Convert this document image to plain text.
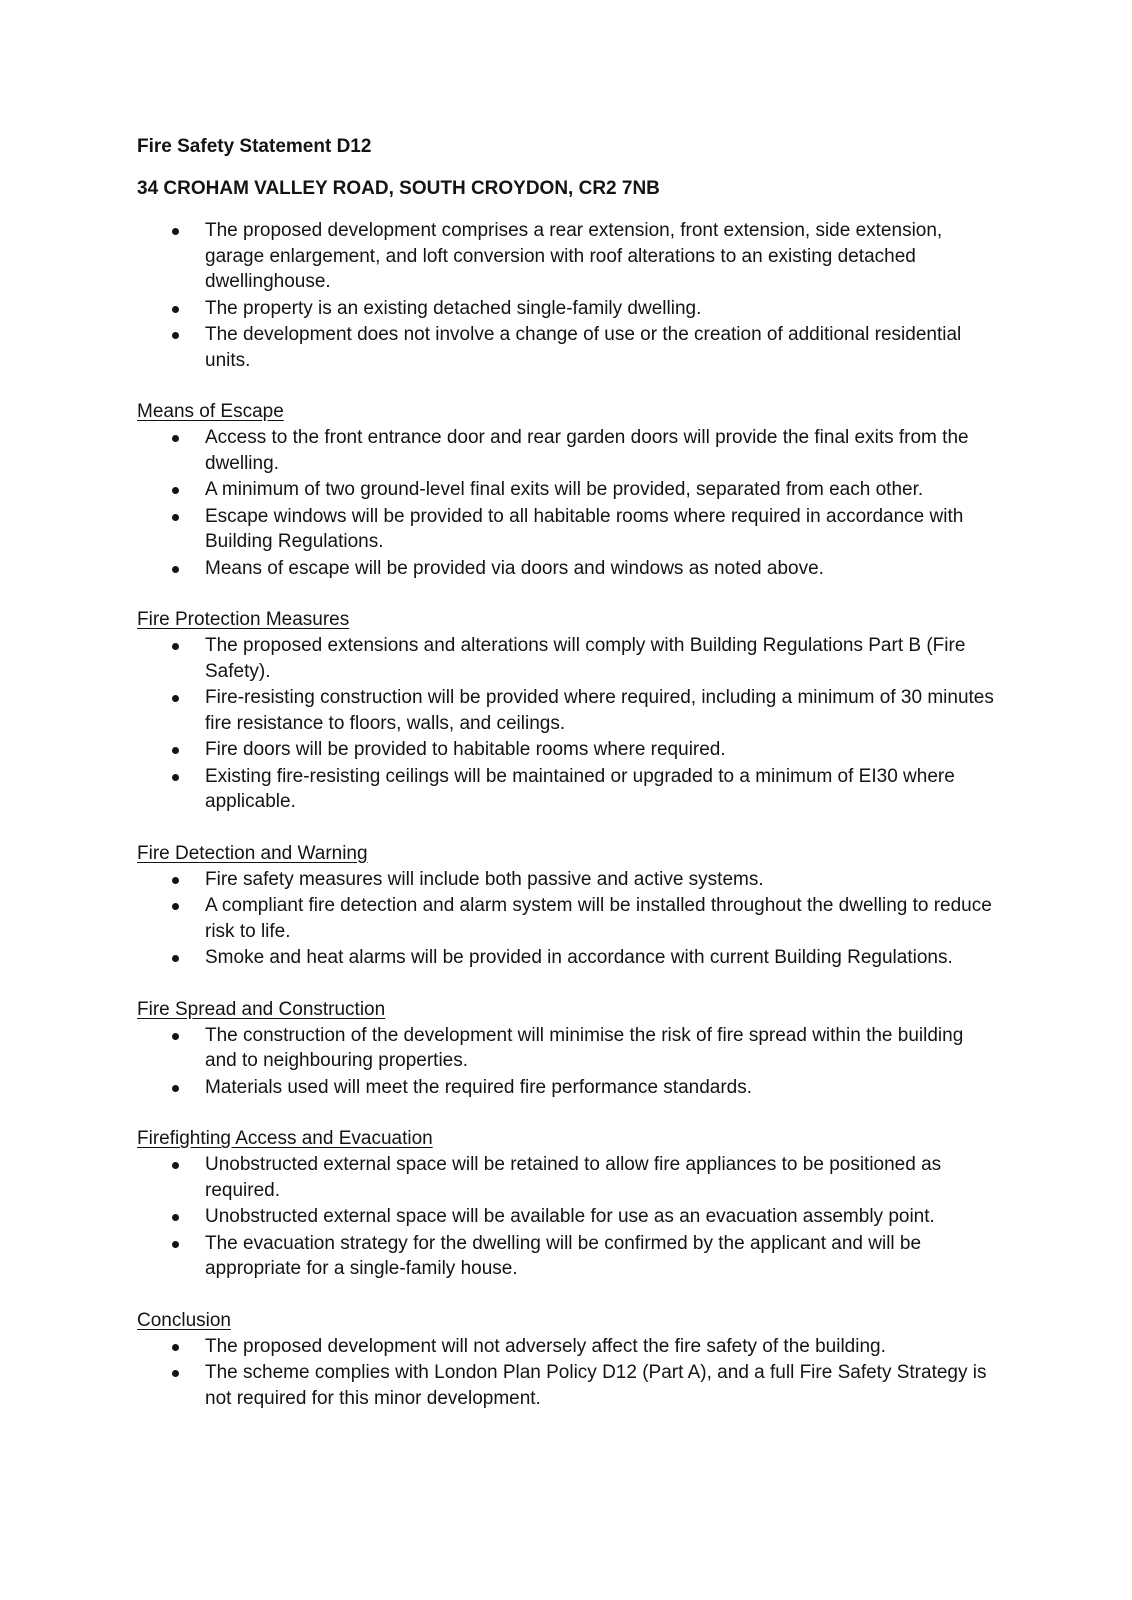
Fire Safety Statement D12
34 CROHAM VALLEY ROAD, SOUTH CROYDON, CR2 7NB
The proposed development comprises a rear extension, front extension, side extension, garage enlargement, and loft conversion with roof alterations to an existing detached dwellinghouse.
The property is an existing detached single-family dwelling.
The development does not involve a change of use or the creation of additional residential units.
Means of Escape
Access to the front entrance door and rear garden doors will provide the final exits from the dwelling.
A minimum of two ground-level final exits will be provided, separated from each other.
Escape windows will be provided to all habitable rooms where required in accordance with Building Regulations.
Means of escape will be provided via doors and windows as noted above.
Fire Protection Measures
The proposed extensions and alterations will comply with Building Regulations Part B (Fire Safety).
Fire-resisting construction will be provided where required, including a minimum of 30 minutes fire resistance to floors, walls, and ceilings.
Fire doors will be provided to habitable rooms where required.
Existing fire-resisting ceilings will be maintained or upgraded to a minimum of EI30 where applicable.
Fire Detection and Warning
Fire safety measures will include both passive and active systems.
A compliant fire detection and alarm system will be installed throughout the dwelling to reduce risk to life.
Smoke and heat alarms will be provided in accordance with current Building Regulations.
Fire Spread and Construction
The construction of the development will minimise the risk of fire spread within the building and to neighbouring properties.
Materials used will meet the required fire performance standards.
Firefighting Access and Evacuation
Unobstructed external space will be retained to allow fire appliances to be positioned as required.
Unobstructed external space will be available for use as an evacuation assembly point.
The evacuation strategy for the dwelling will be confirmed by the applicant and will be appropriate for a single-family house.
Conclusion
The proposed development will not adversely affect the fire safety of the building.
The scheme complies with London Plan Policy D12 (Part A), and a full Fire Safety Strategy is not required for this minor development.
